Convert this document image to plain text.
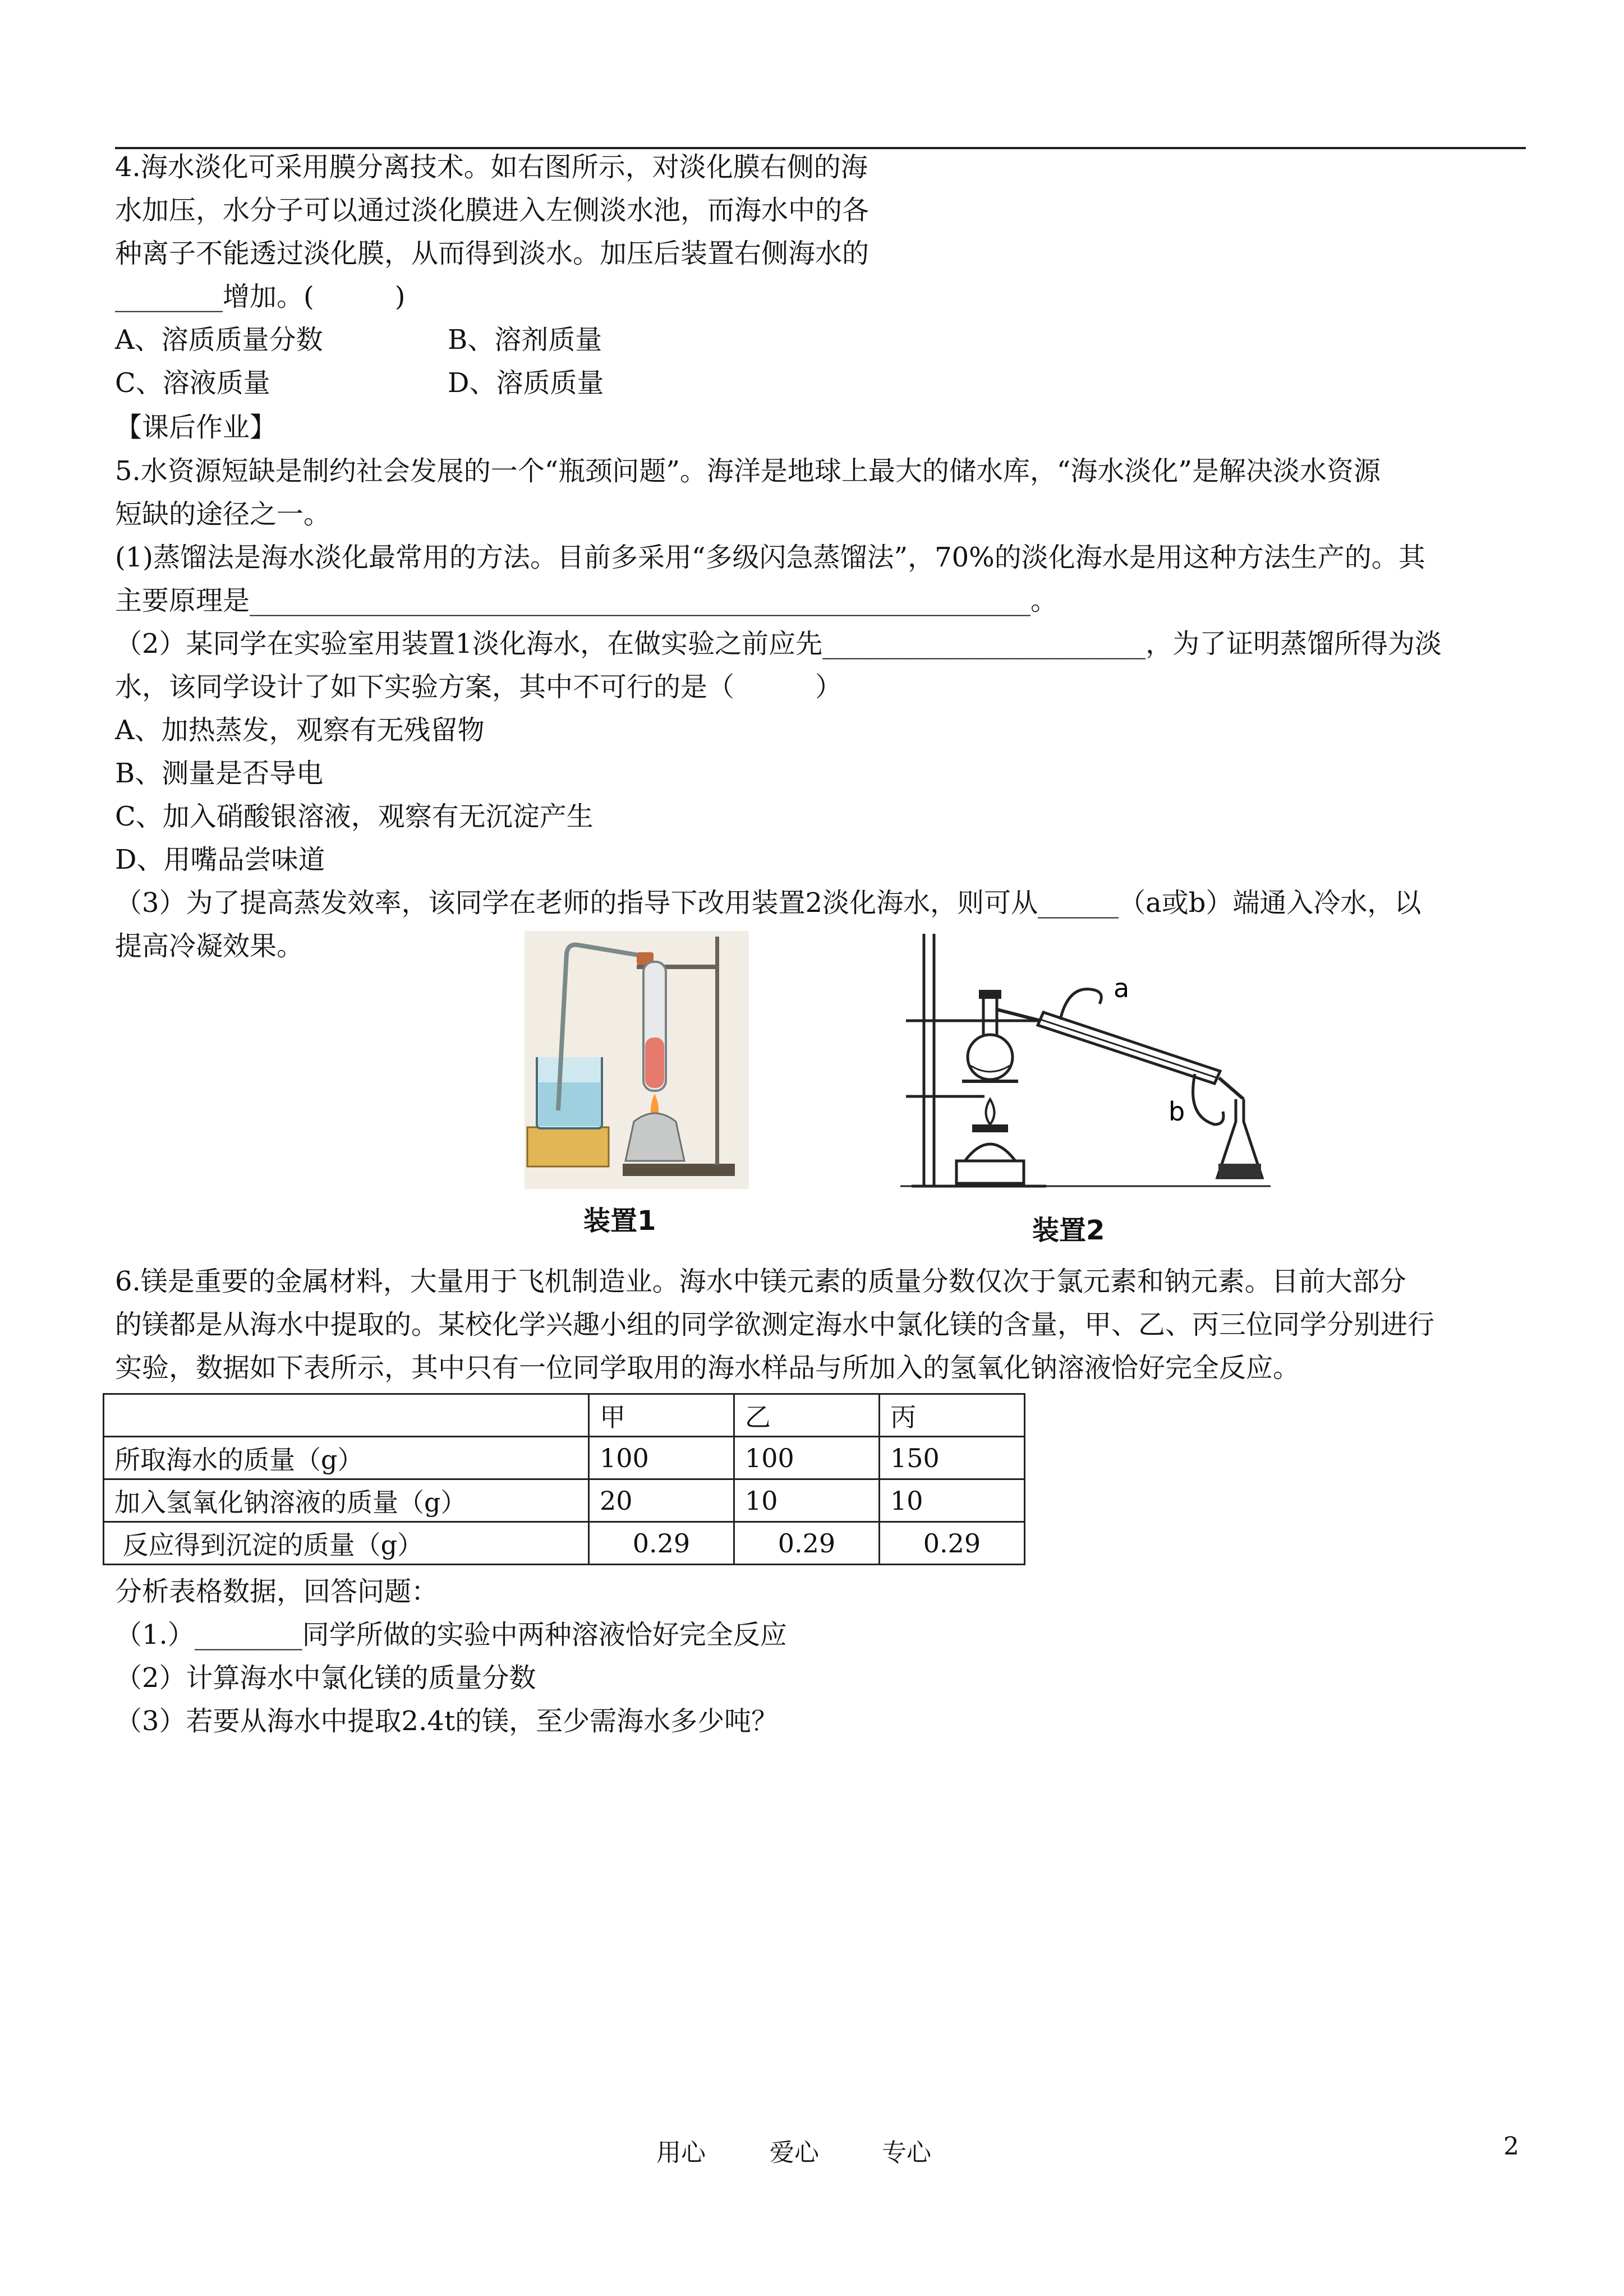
4.海水淡化可采用膜分离技术。如右图所示，对淡化膜右侧的海
水加压，水分子可以通过淡化膜进入左侧淡水池，而海水中的各
种离子不能透过淡化膜，从而得到淡水。加压后装置右侧海水的
________增加。(　　　)
A、溶质质量分数	B、溶剂质量
C、溶液质量	D、溶质质量
【课后作业】
5.水资源短缺是制约社会发展的一个“瓶颈问题”。海洋是地球上最大的储水库，“海水淡化”是解决淡水资源
短缺的途径之一。
(1)蒸馏法是海水淡化最常用的方法。目前多采用“多级闪急蒸馏法”，70%的淡化海水是用这种方法生产的。其
主要原理是__________________________________________________________。
（2）某同学在实验室用装置1淡化海水，在做实验之前应先________________________，为了证明蒸馏所得为淡
水，该同学设计了如下实验方案，其中不可行的是（　　　）
A、加热蒸发，观察有无残留物
B、测量是否导电
C、加入硝酸银溶液，观察有无沉淀产生
D、用嘴品尝味道
（3）为了提高蒸发效率，该同学在老师的指导下改用装置2淡化海水，则可从______（a或b）端通入冷水，以
提高冷凝效果。
装置1
a
b
装置2
6.镁是重要的金属材料，大量用于飞机制造业。海水中镁元素的质量分数仅次于氯元素和钠元素。目前大部分
的镁都是从海水中提取的。某校化学兴趣小组的同学欲测定海水中氯化镁的含量，甲、乙、丙三位同学分别进行
实验，数据如下表所示，其中只有一位同学取用的海水样品与所加入的氢氧化钠溶液恰好完全反应。
	甲	乙	丙
所取海水的质量（g）	100	100	150
加入氢氧化钠溶液的质量（g）	20	10	10
反应得到沉淀的质量（g）	0.29	0.29	0.29
分析表格数据，回答问题：
（1.）________同学所做的实验中两种溶液恰好完全反应
（2）计算海水中氯化镁的质量分数
（3）若要从海水中提取2.4t的镁，至少需海水多少吨？
用心	爱心	专心	2
